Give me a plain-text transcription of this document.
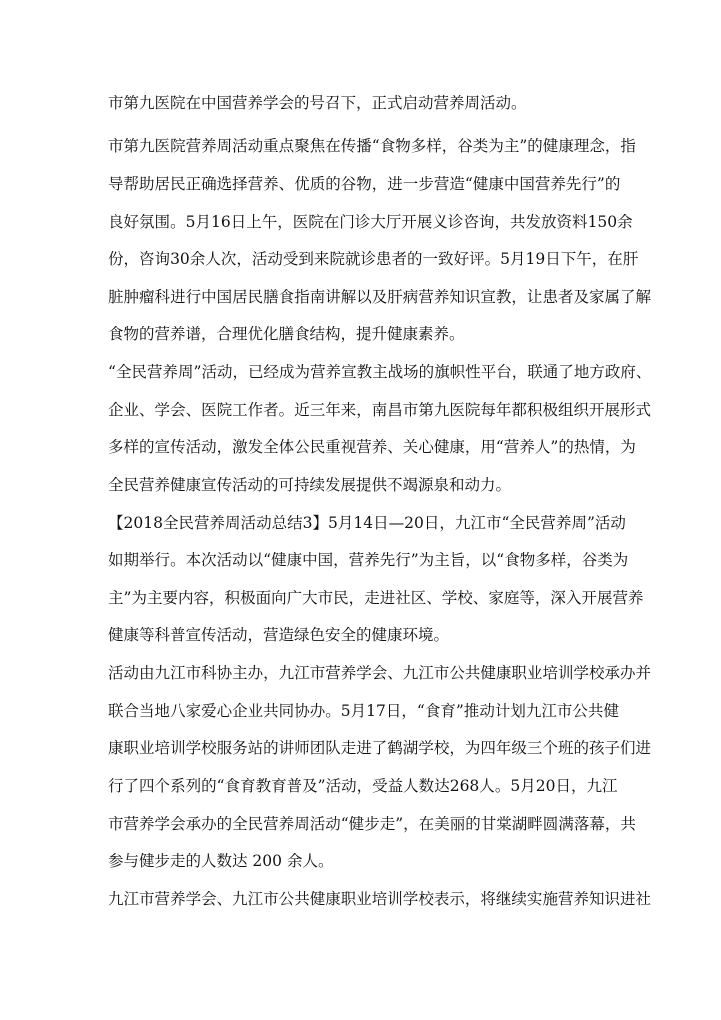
市第九医院在中国营养学会的号召下，正式启动营养周活动。
市 第 九 医 院 营 养 周 活 动 重 点 聚 焦 在 传 播 “ 食 物 多 样 ， 谷 类 为 主 ” 的 健 康 理 念 ， 指
导 帮 助 居 民 正 确 选 择 营 养 、 优 质 的 谷 物 ， 进 一 步 营 造 “ 健 康 中 国 营 养 先 行 ” 的
良 好 氛 围 。 5 月 16 日 上 午 ， 医 院 在 门 诊 大 厅 开 展 义 诊 咨 询 ， 共 发 放 资 料 150 余
份 ， 咨 询 30 余 人 次 ， 活 动 受 到 来 院 就 诊 患 者 的 一 致 好 评 。 5 月 19 日 下 午 ， 在 肝
脏 肿 瘤 科 进 行 中 国 居 民 膳 食 指 南 讲 解 以 及 肝 病 营 养 知 识 宣 教 ， 让 患 者 及 家 属 了 解
食物的营养谱，合理优化膳食结构，提升健康素养。
“ 全 民 营 养 周 ” 活 动 ， 已 经 成 为 营 养 宣 教 主 战 场 的 旗 帜 性 平 台 ， 联 通 了 地 方 政 府 、
企 业 、 学 会 、 医 院 工 作 者 。 近 三 年 来 ， 南 昌 市 第 九 医 院 每 年 都 积 极 组 织 开 展 形 式
多 样 的 宣 传 活 动 ， 激 发 全 体 公 民 重 视 营 养 、 关 心 健 康 ， 用 “ 营 养 人 ” 的 热 情 ， 为
全民营养健康宣传活动的可持续发展提供不竭源泉和动力。
【 2018 全 民 营 养 周 活 动 总 结 3 】 5 月 14 日 — 20 日 ， 九 江 市 “ 全 民 营 养 周 ” 活 动
如 期 举 行 。 本 次 活 动 以 “ 健 康 中 国 ， 营 养 先 行 ” 为 主 旨 ， 以 “ 食 物 多 样 ， 谷 类 为
主 ” 为 主 要 内 容 ， 积 极 面 向 广 大 市 民 ， 走 进 社 区 、 学 校 、 家 庭 等 ， 深 入 开 展 营 养
健康等科普宣传活动，营造绿色安全的健康环境。
活 动 由 九 江 市 科 协 主 办 ， 九 江 市 营 养 学 会 、 九 江 市 公 共 健 康 职 业 培 训 学 校 承 办 并
联 合 当 地 八 家 爱 心 企 业 共 同 协 办 。 5 月 17 日 ， “ 食 育 ” 推 动 计 划 九 江 市 公 共 健
康 职 业 培 训 学 校 服 务 站 的 讲 师 团 队 走 进 了 鹤 湖 学 校 ， 为 四 年 级 三 个 班 的 孩 子 们 进
行 了 四 个 系 列 的 “ 食 育 教 育 普 及 ” 活 动 ， 受 益 人 数 达 268 人 。 5 月 20 日 ， 九 江
市 营 养 学 会 承 办 的 全 民 营 养 周 活 动 “ 健 步 走 ” ， 在 美 丽 的 甘 棠 湖 畔 圆 满 落 幕 ， 共
参与健步走的人数达 200 余人。
九 江 市 营 养 学 会 、 九 江 市 公 共 健 康 职 业 培 训 学 校 表 示 ， 将 继 续 实 施 营 养 知 识 进 社
